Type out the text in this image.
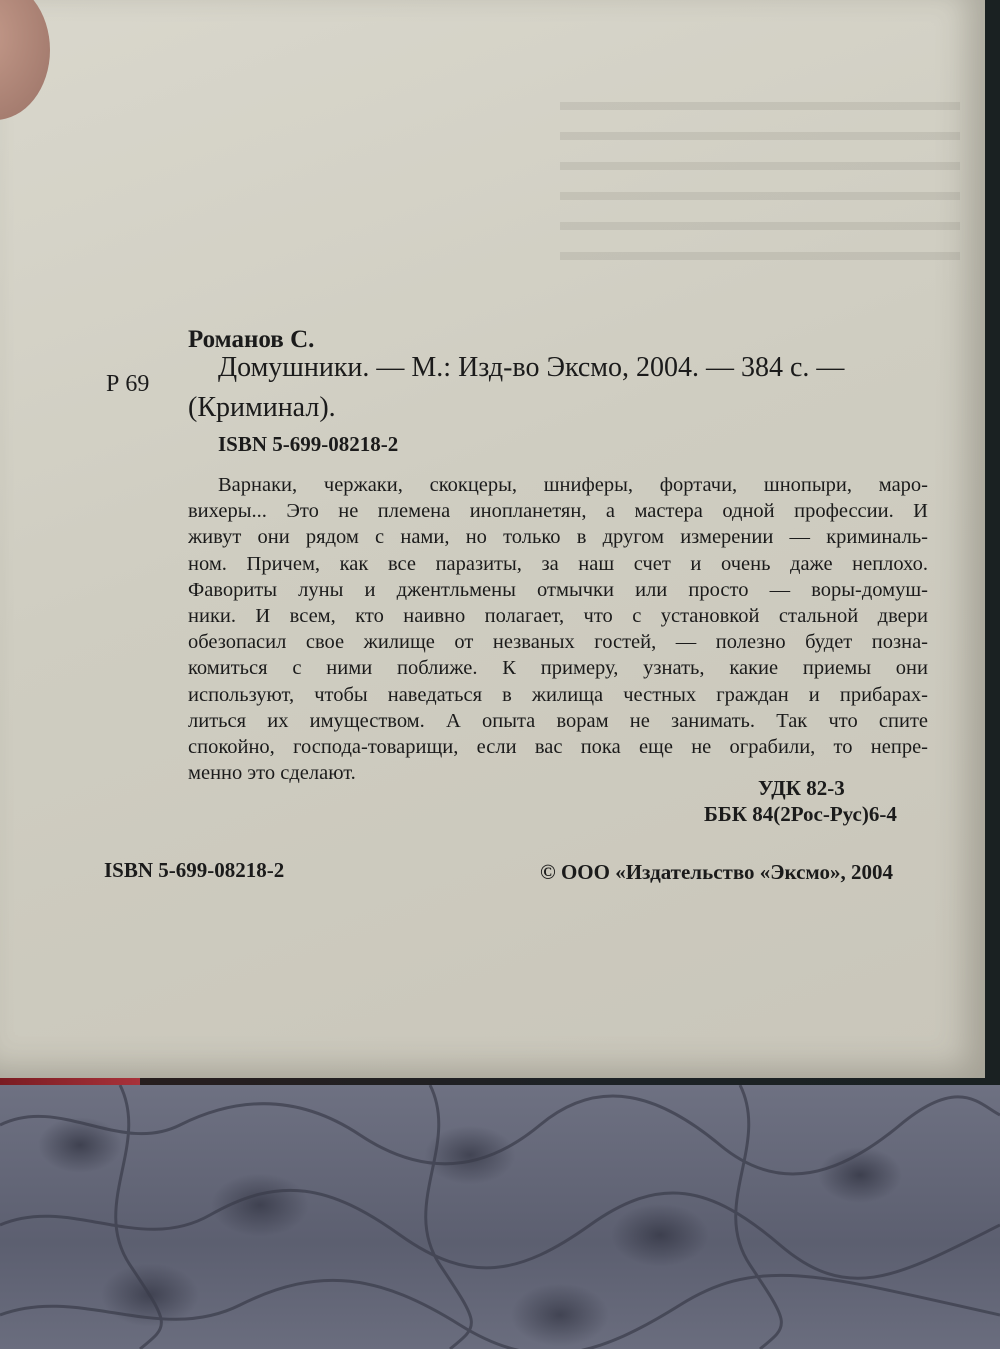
Романов С.
Р 69
Домушники. — М.: Изд-во Эксмо, 2004. — 384 с. —
(Криминал).
ISBN 5-699-08218-2
Варнаки, чержаки, скокцеры, шниферы, фортачи, шнопыри, маро-
вихеры... Это не племена инопланетян, а мастера одной профессии. И
живут они рядом с нами, но только в другом измерении — криминаль-
ном. Причем, как все паразиты, за наш счет и очень даже неплохо.
Фавориты луны и джентльмены отмычки или просто — воры-домуш-
ники. И всем, кто наивно полагает, что с установкой стальной двери
обезопасил свое жилище от незваных гостей, — полезно будет позна-
комиться с ними поближе. К примеру, узнать, какие приемы они
используют, чтобы наведаться в жилища честных граждан и прибарах-
литься их имуществом. А опыта ворам не занимать. Так что спите
спокойно, господа-товарищи, если вас пока еще не ограбили, то непре-
менно это сделают.
УДК 82-3
ББК 84(2Рос-Рус)6-4
ISBN 5-699-08218-2	© ООО «Издательство «Эксмо», 2004
